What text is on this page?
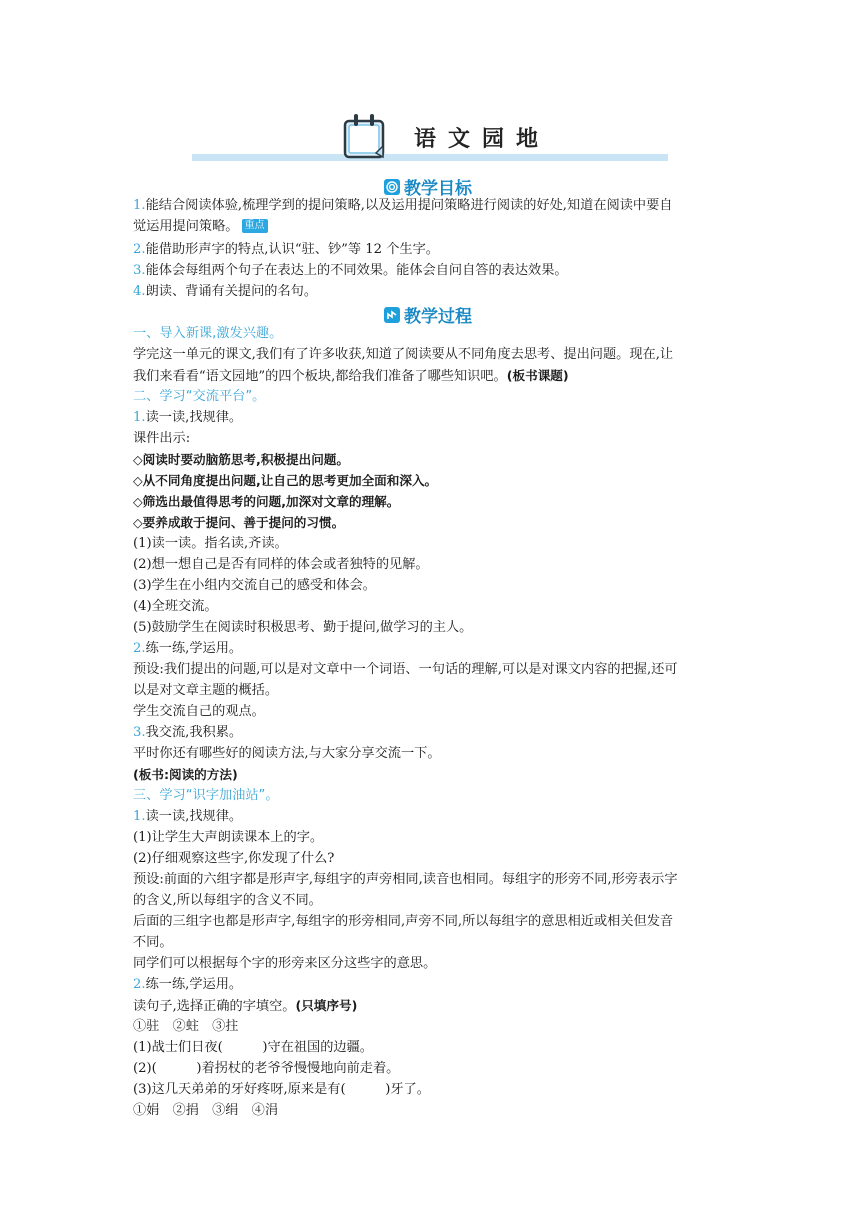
语文园地
教学目标
1.能结合阅读体验,梳理学到的提问策略,以及运用提问策略进行阅读的好处,知道在阅读中要自
觉运用提问策略。 重点
2.能借助形声字的特点,认识“驻、钞”等 12 个生字。
3.能体会每组两个句子在表达上的不同效果。能体会自问自答的表达效果。
4.朗读、背诵有关提问的名句。
教学过程
一、导入新课,激发兴趣。
学完这一单元的课文,我们有了许多收获,知道了阅读要从不同角度去思考、提出问题。现在,让
我们来看看“语文园地”的四个板块,都给我们准备了哪些知识吧。(板书课题)
二、学习“交流平台”。
1.读一读,找规律。
课件出示:
◇阅读时要动脑筋思考,积极提出问题。
◇从不同角度提出问题,让自己的思考更加全面和深入。
◇筛选出最值得思考的问题,加深对文章的理解。
◇要养成敢于提问、善于提问的习惯。
(1)读一读。指名读,齐读。
(2)想一想自己是否有同样的体会或者独特的见解。
(3)学生在小组内交流自己的感受和体会。
(4)全班交流。
(5)鼓励学生在阅读时积极思考、勤于提问,做学习的主人。
2.练一练,学运用。
预设:我们提出的问题,可以是对文章中一个词语、一句话的理解,可以是对课文内容的把握,还可
以是对文章主题的概括。
学生交流自己的观点。
3.我交流,我积累。
平时你还有哪些好的阅读方法,与大家分享交流一下。
(板书:阅读的方法)
三、学习“识字加油站”。
1.读一读,找规律。
(1)让学生大声朗读课本上的字。
(2)仔细观察这些字,你发现了什么?
预设:前面的六组字都是形声字,每组字的声旁相同,读音也相同。每组字的形旁不同,形旁表示字
的含义,所以每组字的含义不同。
后面的三组字也都是形声字,每组字的形旁相同,声旁不同,所以每组字的意思相近或相关但发音
不同。
同学们可以根据每个字的形旁来区分这些字的意思。
2.练一练,学运用。
读句子,选择正确的字填空。(只填序号)
①驻　②蛀　③拄
(1)战士们日夜(　　　)守在祖国的边疆。
(2)(　　　)着拐杖的老爷爷慢慢地向前走着。
(3)这几天弟弟的牙好疼呀,原来是有(　　　)牙了。
①娟　②捐　③绢　④涓
